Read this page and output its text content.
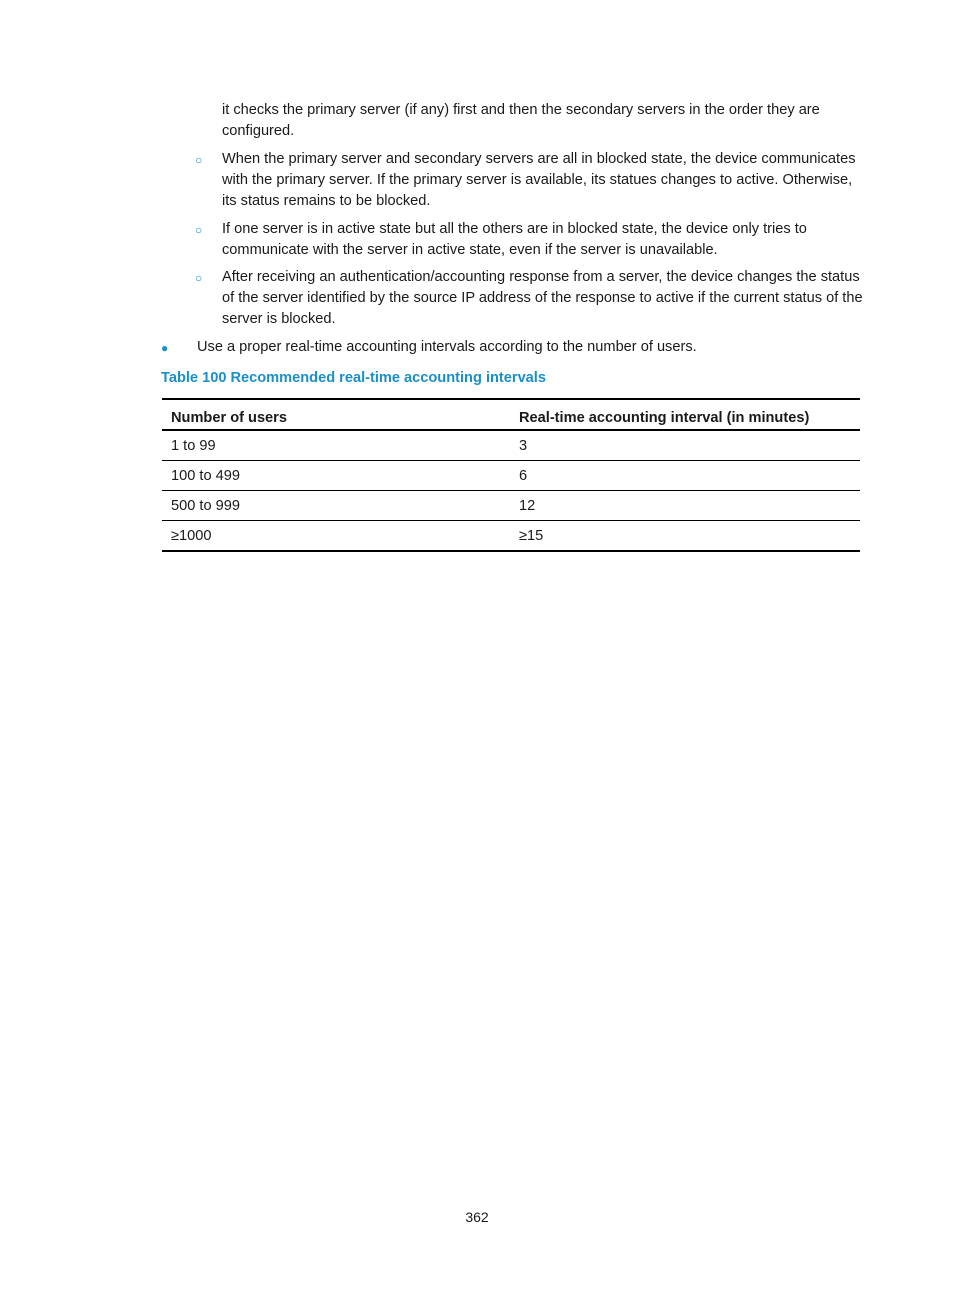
it checks the primary server (if any) first and then the secondary servers in the order they are configured.

○ When the primary server and secondary servers are all in blocked state, the device communicates with the primary server. If the primary server is available, its statues changes to active. Otherwise, its status remains to be blocked.

○ If one server is in active state but all the others are in blocked state, the device only tries to communicate with the server in active state, even if the server is unavailable.

○ After receiving an authentication/accounting response from a server, the device changes the status of the server identified by the source IP address of the response to active if the current status of the server is blocked.

● Use a proper real-time accounting intervals according to the number of users.

Table 100 Recommended real-time accounting intervals
Number of users	Real-time accounting interval (in minutes)
1 to 99	3
100 to 499	6
500 to 999	12
≥1000	≥15
362
